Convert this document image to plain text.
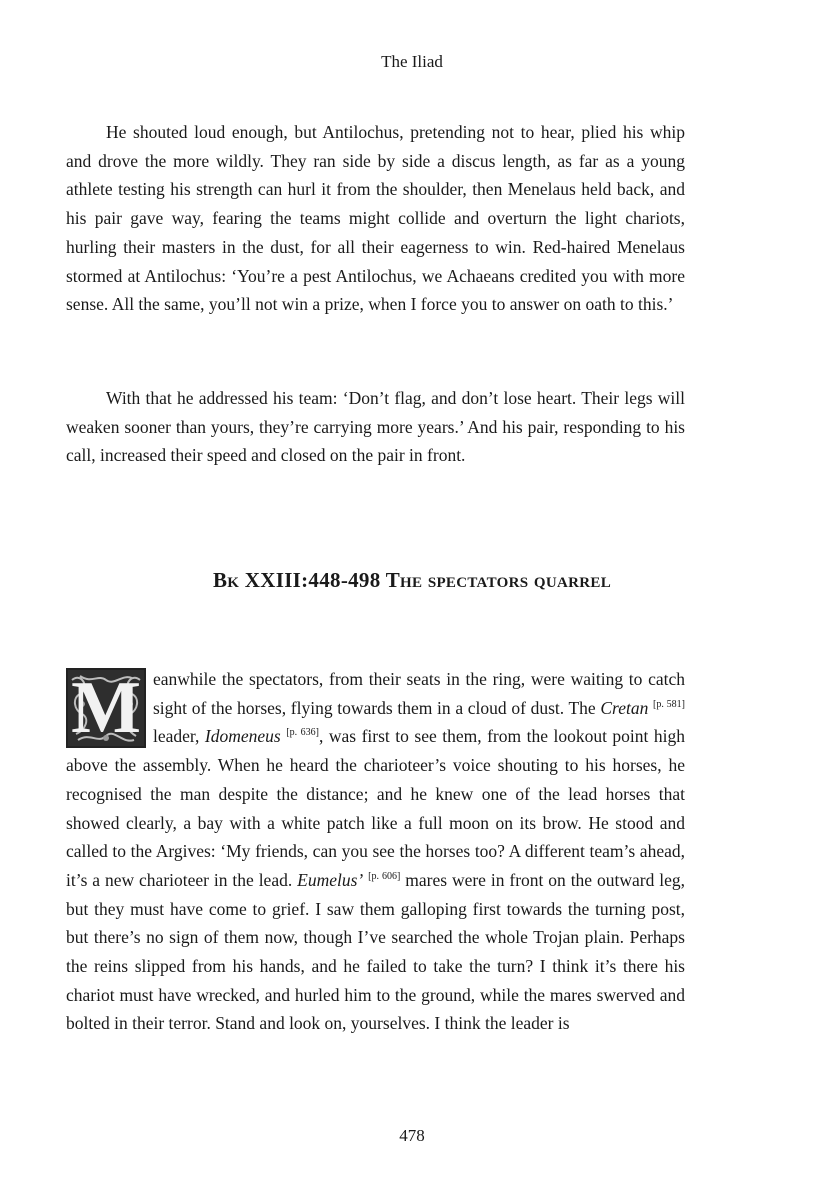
The Iliad

He shouted loud enough, but Antilochus, pretending not to hear, plied his whip and drove the more wildly. They ran side by side a discus length, as far as a young athlete testing his strength can hurl it from the shoulder, then Menelaus held back, and his pair gave way, fearing the teams might collide and overturn the light chariots, hurling their masters in the dust, for all their eagerness to win. Red-haired Menelaus stormed at Antilochus: ‘You’re a pest Antilochus, we Achaeans credited you with more sense. All the same, you’ll not win a prize, when I force you to answer on oath to this.’

With that he addressed his team: ‘Don’t flag, and don’t lose heart. Their legs will weaken sooner than yours, they’re carrying more years.’ And his pair, responding to his call, increased their speed and closed on the pair in front.

Bk XXIII:448-498 The spectators quarrel
M eanwhile the spectators, from their seats in the ring, were waiting to catch sight of the horses, flying towards them in a cloud of dust. The Cretan [p. 581] leader, Idomeneus [p. 636], was first to see them, from the lookout point high above the assembly. When he heard the charioteer’s voice shouting to his horses, he recognised the man despite the distance; and he knew one of the lead horses that showed clearly, a bay with a white patch like a full moon on its brow. He stood and called to the Argives: ‘My friends, can you see the horses too? A different team’s ahead, it’s a new charioteer in the lead. Eumelus’ [p. 606] mares were in front on the outward leg, but they must have come to grief. I saw them galloping first towards the turning post, but there’s no sign of them now, though I’ve searched the whole Trojan plain. Perhaps the reins slipped from his hands, and he failed to take the turn? I think it’s there his chariot must have wrecked, and hurled him to the ground, while the mares swerved and bolted in their terror. Stand and look on, yourselves. I think the leader is

478
